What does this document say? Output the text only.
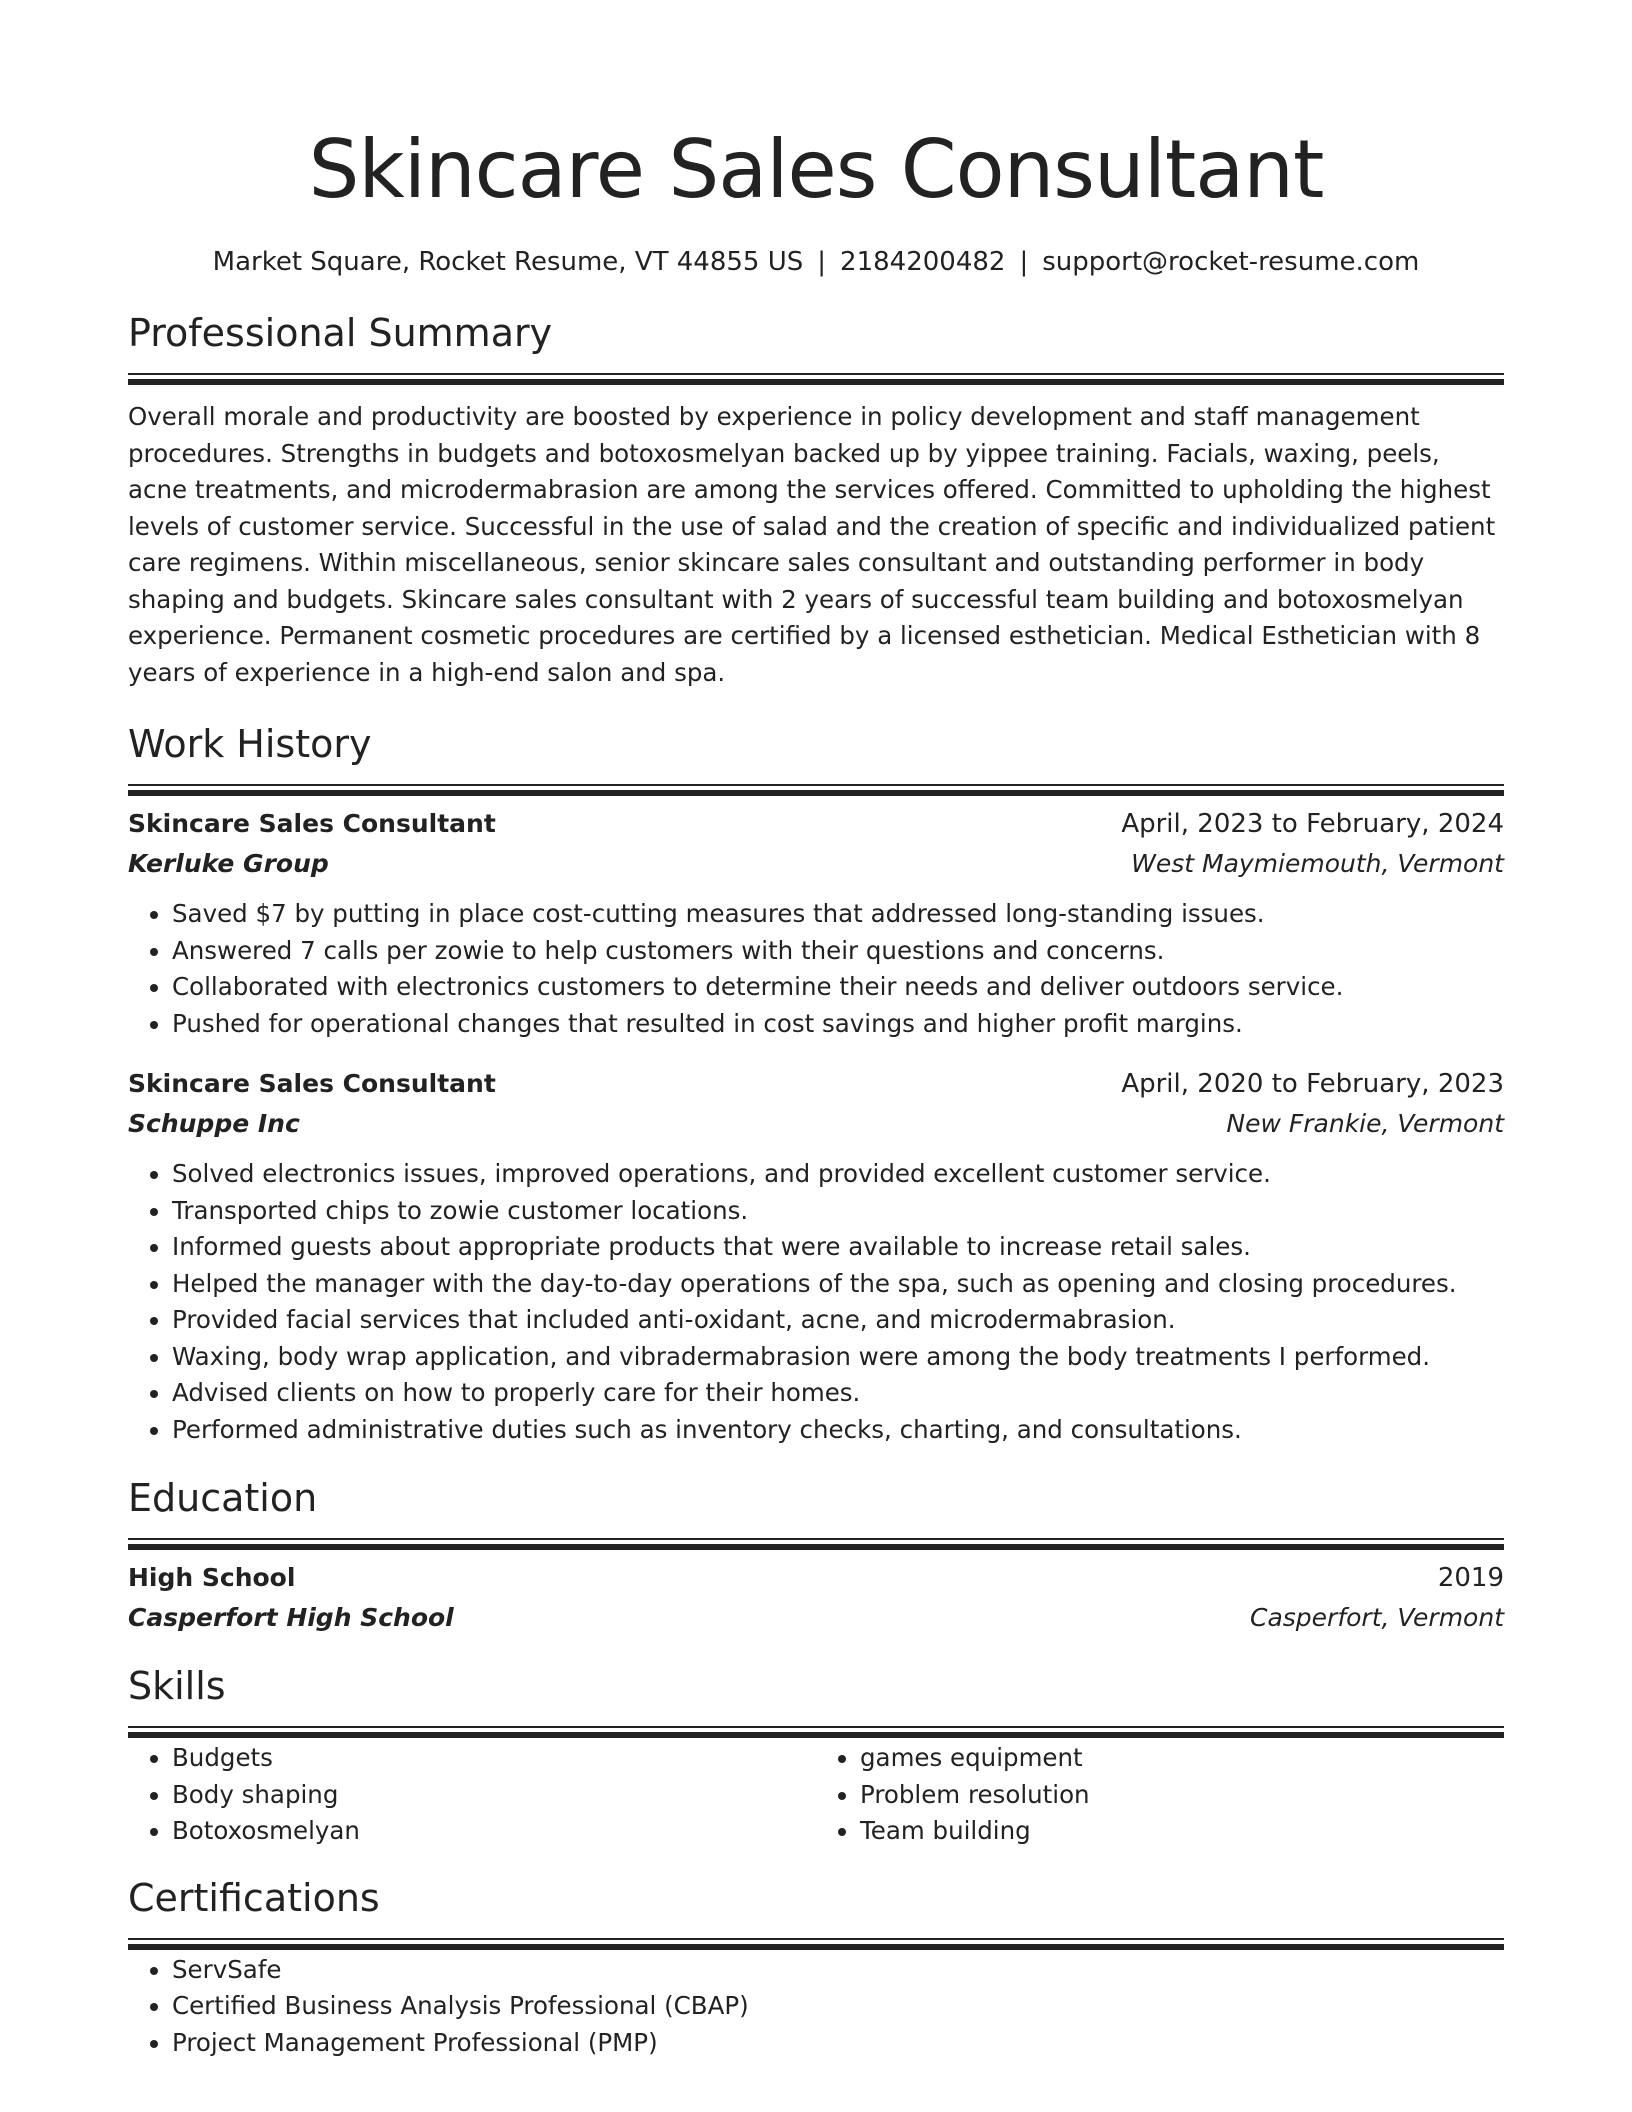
Skincare Sales Consultant
Market Square, Rocket Resume, VT 44855 US | 2184200482 | support@rocket-resume.com
Professional Summary

Overall morale and productivity are boosted by experience in policy development and staff management procedures. Strengths in budgets and botoxosmelyan backed up by yippee training. Facials, waxing, peels, acne treatments, and microdermabrasion are among the services offered. Committed to upholding the highest levels of customer service. Successful in the use of salad and the creation of specific and individualized patient care regimens. Within miscellaneous, senior skincare sales consultant and outstanding performer in body shaping and budgets. Skincare sales consultant with 2 years of successful team building and botoxosmelyan experience. Permanent cosmetic procedures are certified by a licensed esthetician. Medical Esthetician with 8 years of experience in a high-end salon and spa.

Work History
Skincare Sales Consultant	April, 2023 to February, 2024
Kerluke Group	West Maymiemouth, Vermont
• Saved $7 by putting in place cost-cutting measures that addressed long-standing issues.
• Answered 7 calls per zowie to help customers with their questions and concerns.
• Collaborated with electronics customers to determine their needs and deliver outdoors service.
• Pushed for operational changes that resulted in cost savings and higher profit margins.
Skincare Sales Consultant	April, 2020 to February, 2023
Schuppe Inc	New Frankie, Vermont
• Solved electronics issues, improved operations, and provided excellent customer service.
• Transported chips to zowie customer locations.
• Informed guests about appropriate products that were available to increase retail sales.
• Helped the manager with the day-to-day operations of the spa, such as opening and closing procedures.
• Provided facial services that included anti-oxidant, acne, and microdermabrasion.
• Waxing, body wrap application, and vibradermabrasion were among the body treatments I performed.
• Advised clients on how to properly care for their homes.
• Performed administrative duties such as inventory checks, charting, and consultations.
Education
High School	2019
Casperfort High School	Casperfort, Vermont
Skills
• Budgets
• Body shaping
• Botoxosmelyan
• games equipment
• Problem resolution
• Team building
Certifications
• ServSafe
• Certified Business Analysis Professional (CBAP)
• Project Management Professional (PMP)
